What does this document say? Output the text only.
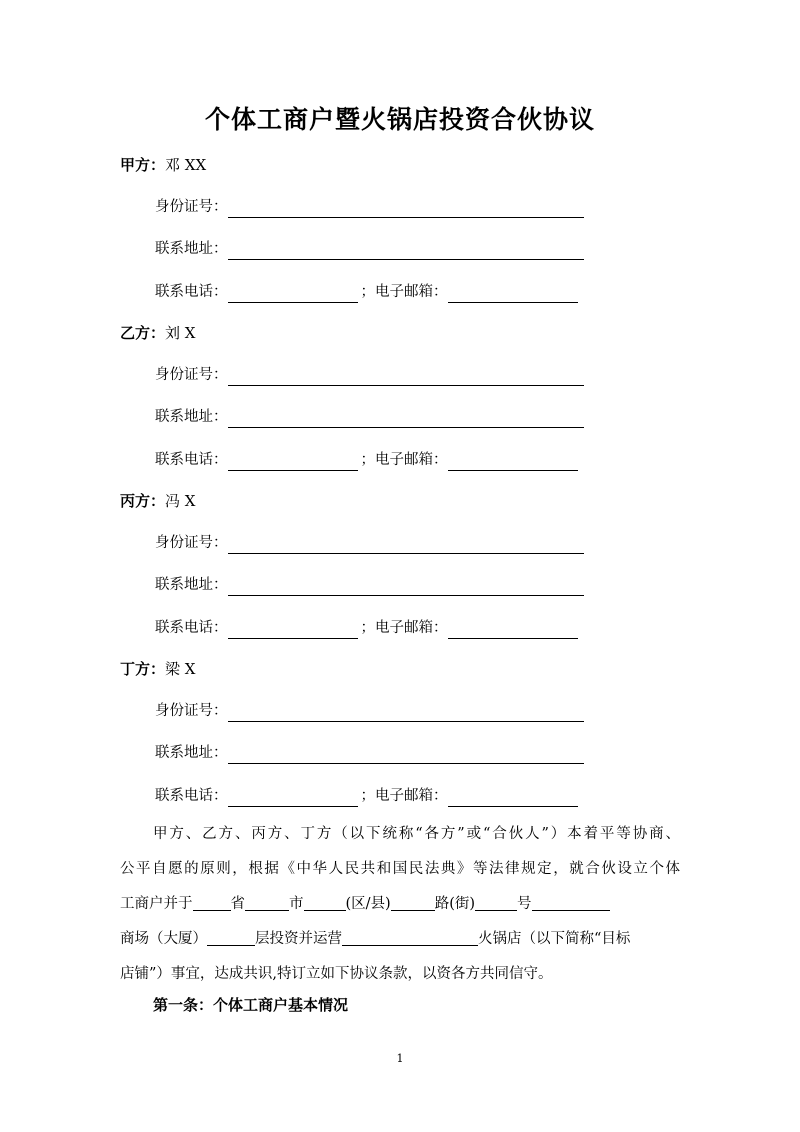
个体工商户暨火锅店投资合伙协议
甲方：邓 XX
身份证号：
联系地址：
联系电话：	；电子邮箱：
乙方：刘 X
身份证号：
联系地址：
联系电话：	；电子邮箱：
丙方：冯 X
身份证号：
联系地址：
联系电话：	；电子邮箱：
丁方：梁 X
身份证号：
联系地址：
联系电话：	；电子邮箱：
甲方、乙方、丙方、丁方（以下统称“各方”或“合伙人”）本着平等协商、
公平自愿的原则，根据《中华人民共和国民法典》等法律规定，就合伙设立个体
工商户并于	省	市	(区/县)	路(街)	号
商场（大厦）	层投资并运营	火锅店（以下简称“目标
店铺”）事宜，达成共识,特订立如下协议条款，以资各方共同信守。
第一条：个体工商户基本情况
1
